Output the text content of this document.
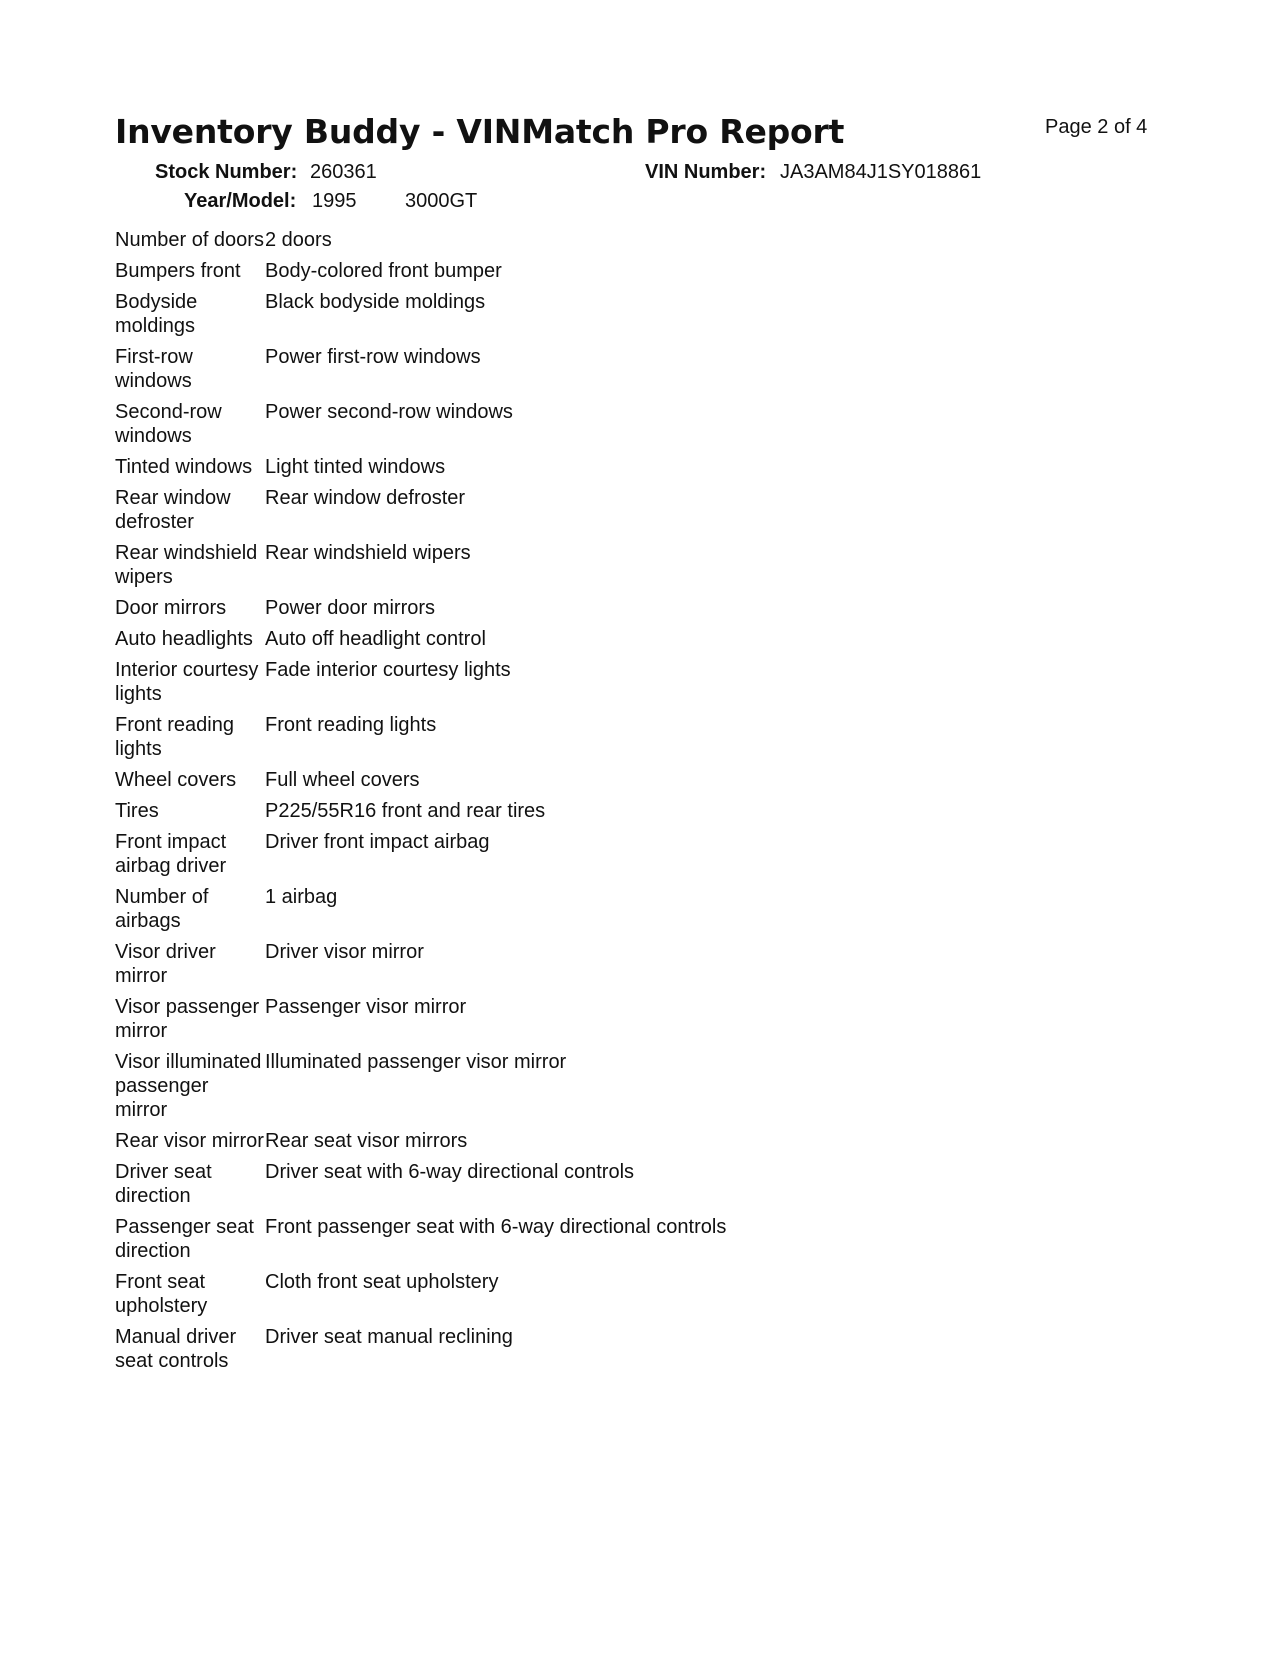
Inventory Buddy - VINMatch Pro Report	Page 2 of 4
Stock Number: 260361	VIN Number: JA3AM84J1SY018861
Year/Model: 1995 3000GT
Number of doors	2 doors
Bumpers front	Body-colored front bumper
Bodyside moldings	Black bodyside moldings
First-row windows	Power first-row windows
Second-row windows	Power second-row windows
Tinted windows	Light tinted windows
Rear window defroster	Rear window defroster
Rear windshield wipers	Rear windshield wipers
Door mirrors	Power door mirrors
Auto headlights	Auto off headlight control
Interior courtesy lights	Fade interior courtesy lights
Front reading lights	Front reading lights
Wheel covers	Full wheel covers
Tires	P225/55R16 front and rear tires
Front impact airbag driver	Driver front impact airbag
Number of airbags	1 airbag
Visor driver mirror	Driver visor mirror
Visor passenger mirror	Passenger visor mirror
Visor illuminated passenger mirror	Illuminated passenger visor mirror
Rear visor mirror	Rear seat visor mirrors
Driver seat direction	Driver seat with 6-way directional controls
Passenger seat direction	Front passenger seat with 6-way directional controls
Front seat upholstery	Cloth front seat upholstery
Manual driver seat controls	Driver seat manual reclining
